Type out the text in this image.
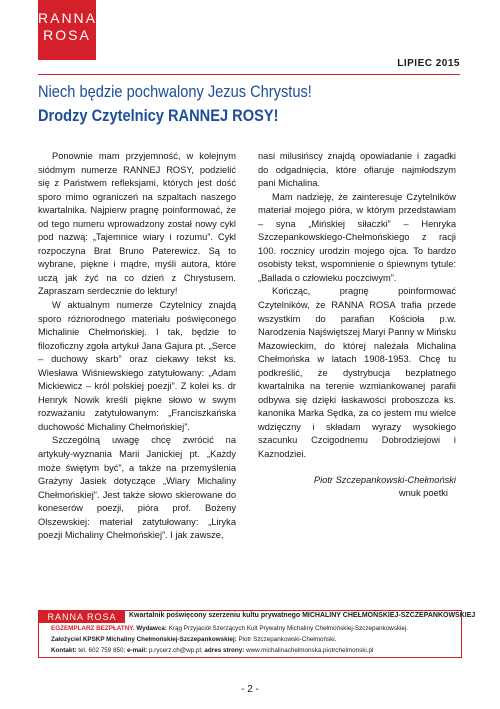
RANNA
ROSA
LIPIEC 2015
Niech będzie pochwalony Jezus Chrystus!
Drodzy Czytelnicy RANNEJ ROSY!

Ponownie mam przyjemność, w kolejnym siódmym numerze RANNEJ ROSY, podzielić się z Państwem refleksjami, których jest dość sporo mimo ograniczeń na szpaltach naszego kwartalnika. Najpierw pragnę poinformować, że od tego numeru wprowadzony został nowy cykl pod nazwą: „Tajemnice wiary i rozumu”. Cykl rozpoczyna Brat Bruno Paterewicz. Są to wybrane, piękne i mądre, myśli autora, które uczą jak żyć na co dzień z Chrystusem. Zapraszam serdecznie do lektury!

W aktualnym numerze Czytelnicy znajdą sporo różnorodnego materiału poświęconego Michalinie Chełmońskiej. I tak, będzie to filozoficzny zgoła artykuł Jana Gajura pt. „Serce – duchowy skarb” oraz ciekawy tekst ks. Wiesława Wiśniewskiego zatytułowany: „Adam Mickiewicz – król polskiej poezji”. Z kolei ks. dr Henryk Nowik kreśli piękne słowo w swym rozważaniu zatytułowanym: „Franciszkańska duchowość Michaliny Chełmońskiej”.

Szczególną uwagę chcę zwrócić na artykuły-wyznania Marii Janickiej pt. „Każdy może świętym być”, a także na przemyślenia Grażyny Jasiek dotyczące „Wiary Michaliny Chełmońskiej”. Jest także słowo skierowane do koneserów poezji, pióra prof. Bożeny Olszewskiej: materiał zatytułowany: „Liryka poezji Michaliny Chełmońskiej”. I jak zawsze,

nasi milusińscy znajdą opowiadanie i zagadki do odgadnięcia, które ofiaruje najmłodszym pani Michalina.

Mam nadzieję, że zainteresuje Czytelników materiał mojego pióra, w którym przedstawiam – syna „Mińskiej siłaczki” – Henryka Szczepankowskiego-Chełmońskiego z racji 100. rocznicy urodzin mojego ojca. To bardzo osobisty tekst, wspomnienie o śpiewnym tytule: „Ballada o człowieku poczciwym”.

Kończąc, pragnę poinformować Czytelników, że RANNA ROSA trafia przede wszystkim do parafian Kościoła p.w. Narodzenia Najświętszej Maryi Panny w Mińsku Mazowieckim, do której należała Michalina Chełmońska w latach 1908-1953. Chcę tu podkreślić, że dystrybucja bezpłatnego kwartalnika na terenie wzmiankowanej parafii odbywa się dzięki łaskawości proboszcza ks. kanonika Marka Sędka, za co jestem mu wielce wdzięczny i składam wyrazy wysokiego szacunku Czcigodnemu Dobrodziejowi i Kaznodziei.

Piotr Szczepankowski-Chełmoński
wnuk poetki
RANNA ROSA	Kwartalnik poświęcony szerzeniu kultu prywatnego MICHALINY CHEŁMOŃSKIEJ-SZCZEPANKOWSKIEJ
EGZEMPLARZ BEZPŁATNY. Wydawca: Krąg Przyjaciół Szerzących Kult Prywatny Michaliny Chełmońskiej-Szczepankowskiej.
Założyciel KPSKP Michaliny Chełmońskiej-Szczepankowskiej: Piotr Szczepankowski-Chełmoński.
Kontakt: tel. 602 759 850; e-mail: p.rycerz.ch@wp.pl; adres strony: www.michalinachelmonska.piotrchelmonski.pl
- 2 -
